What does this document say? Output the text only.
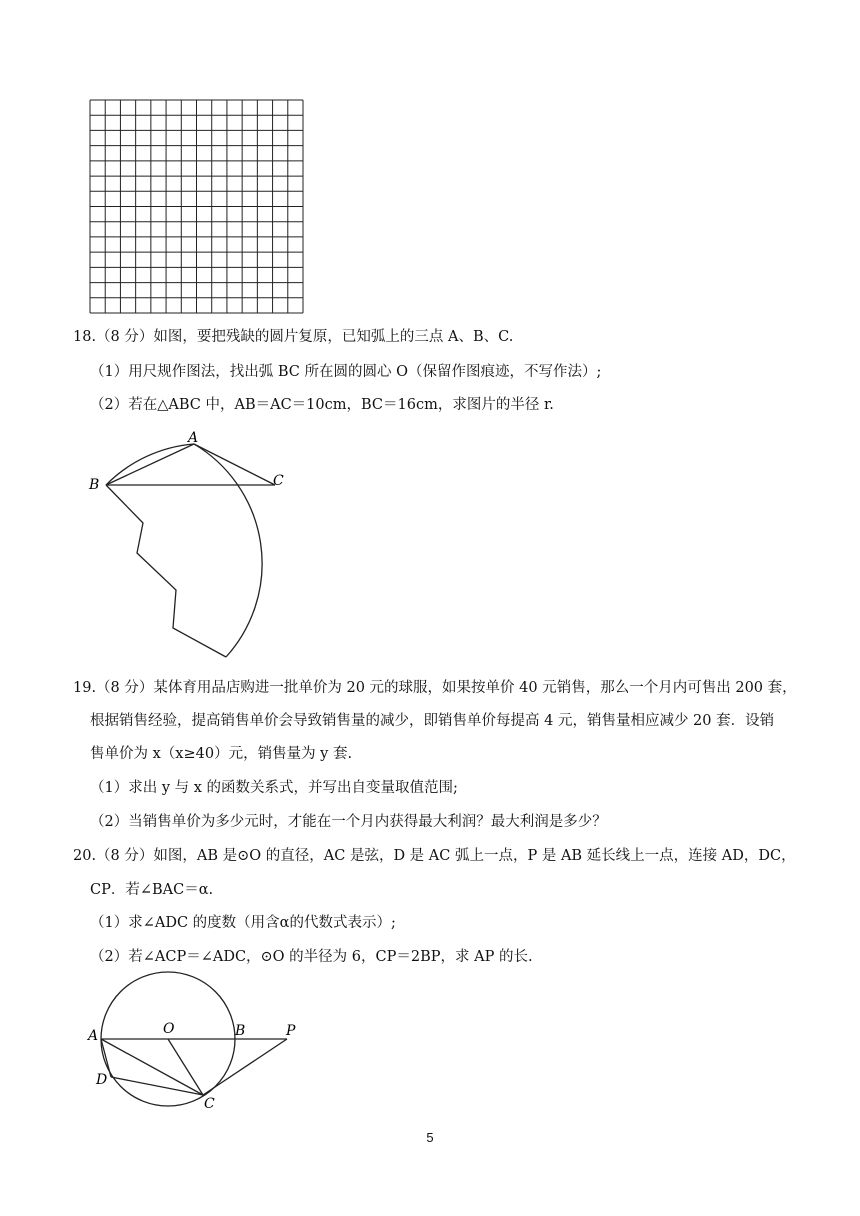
18.（8 分）如图，要把残缺的圆片复原，已知弧上的三点 A、B、C.
（1）用尺规作图法，找出弧 BC 所在圆的圆心 O（保留作图痕迹，不写作法）;
（2）若在△ABC 中，AB＝AC＝10cm，BC＝16cm，求图片的半径 r.
A
B	C
19.（8 分）某体育用品店购进一批单价为 20 元的球服，如果按单价 40 元销售，那么一个月内可售出 200 套，
根据销售经验，提高销售单价会导致销售量的减少，即销售单价每提高 4 元，销售量相应减少 20 套．设销
售单价为 x（x≥40）元，销售量为 y 套.
（1）求出 y 与 x 的函数关系式，并写出自变量取值范围;
（2）当销售单价为多少元时，才能在一个月内获得最大利润？最大利润是多少？
20.（8 分）如图，AB 是⊙O 的直径，AC 是弦，D 是 AC 弧上一点，P 是 AB 延长线上一点，连接 AD，DC，
CP．若∠BAC＝α.
（1）求∠ADC 的度数（用含α的代数式表示）;
（2）若∠ACP＝∠ADC，⊙O 的半径为 6，CP＝2BP，求 AP 的长.
A	O	B	P
D
C
5
